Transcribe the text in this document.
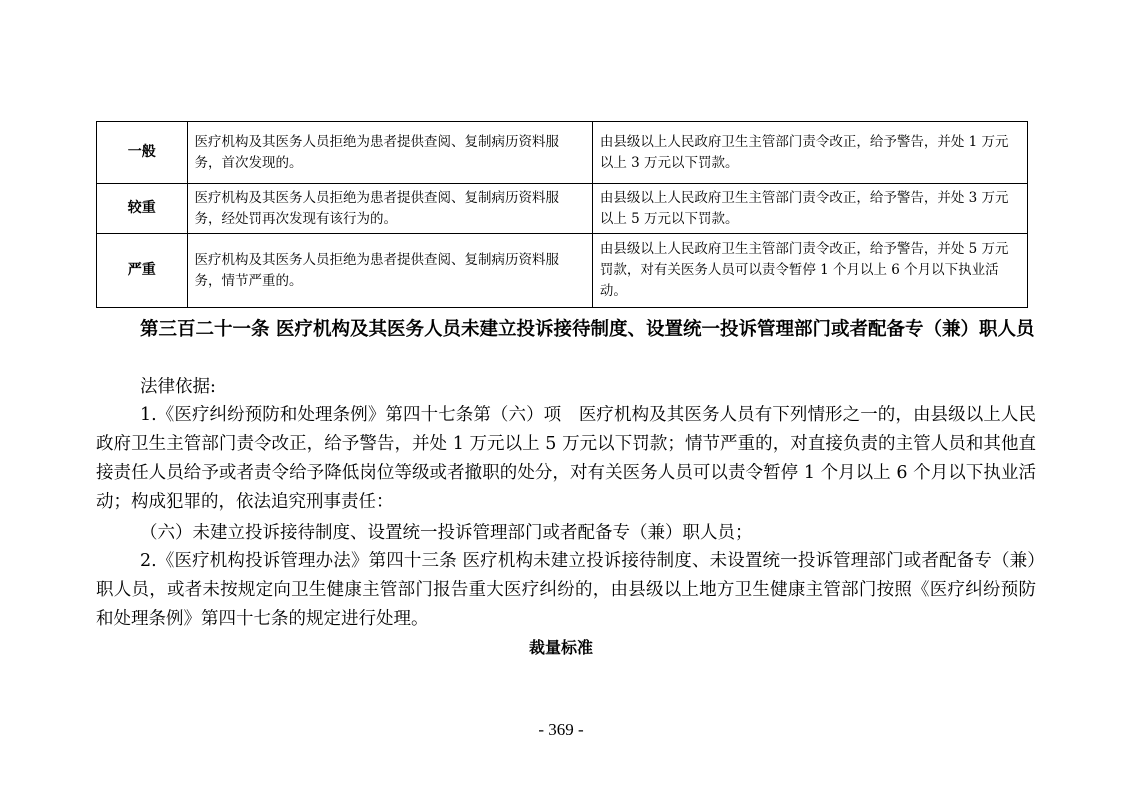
一般	医疗机构及其医务人员拒绝为患者提供查阅、复制病历资料服务，首次发现的。	由县级以上人民政府卫生主管部门责令改正，给予警告，并处 1 万元以上 3 万元以下罚款。
较重	医疗机构及其医务人员拒绝为患者提供查阅、复制病历资料服务，经处罚再次发现有该行为的。	由县级以上人民政府卫生主管部门责令改正，给予警告，并处 3 万元以上 5 万元以下罚款。
严重	医疗机构及其医务人员拒绝为患者提供查阅、复制病历资料服务，情节严重的。	由县级以上人民政府卫生主管部门责令改正，给予警告，并处 5 万元罚款，对有关医务人员可以责令暂停 1 个月以上 6 个月以下执业活动。

第三百二十一条 医疗机构及其医务人员未建立投诉接待制度、设置统一投诉管理部门或者配备专（兼）职人员

法律依据:

1.《医疗纠纷预防和处理条例》第四十七条第（六）项　医疗机构及其医务人员有下列情形之一的，由县级以上人民政府卫生主管部门责令改正，给予警告，并处 1 万元以上 5 万元以下罚款；情节严重的，对直接负责的主管人员和其他直接责任人员给予或者责令给予降低岗位等级或者撤职的处分，对有关医务人员可以责令暂停 1 个月以上 6 个月以下执业活动；构成犯罪的，依法追究刑事责任：

（六）未建立投诉接待制度、设置统一投诉管理部门或者配备专（兼）职人员；

2.《医疗机构投诉管理办法》第四十三条 医疗机构未建立投诉接待制度、未设置统一投诉管理部门或者配备专（兼）职人员，或者未按规定向卫生健康主管部门报告重大医疗纠纷的，由县级以上地方卫生健康主管部门按照《医疗纠纷预防和处理条例》第四十七条的规定进行处理。

裁量标准

- 369 -
